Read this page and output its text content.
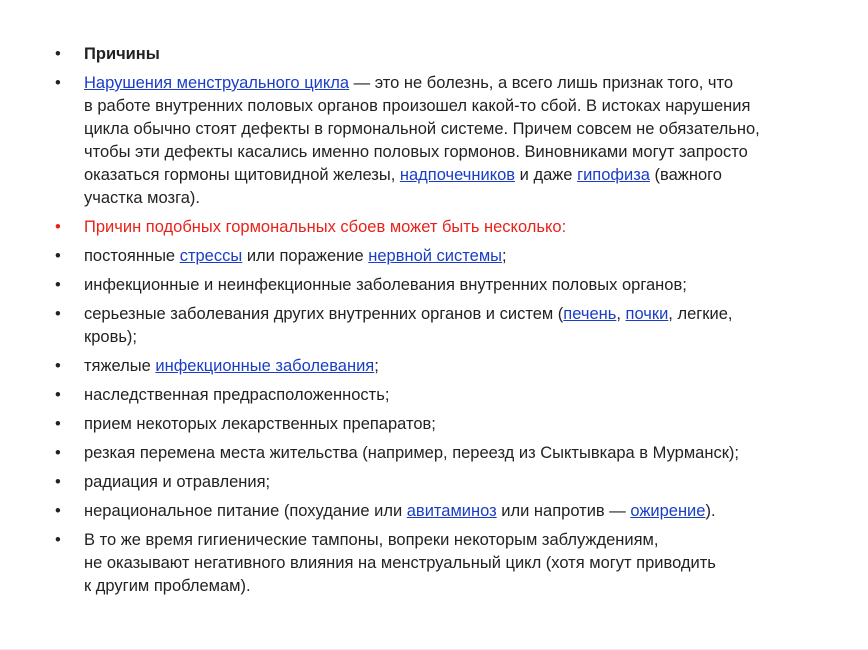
•	Причины
•	Нарушения менструального цикла — это не болезнь, а всего лишь признак того, что
в работе внутренних половых органов произошел какой-то сбой. В истоках нарушения
цикла обычно стоят дефекты в гормональной системе. Причем совсем не обязательно,
чтобы эти дефекты касались именно половых гормонов. Виновниками могут запросто
оказаться гормоны щитовидной железы, надпочечников и даже гипофиза (важного
участка мозга).
•	Причин подобных гормональных сбоев может быть несколько:
•	постоянные стрессы или поражение нервной системы;
•	инфекционные и неинфекционные заболевания внутренних половых органов;
•	серьезные заболевания других внутренних органов и систем (печень, почки, легкие,
кровь);
•	тяжелые инфекционные заболевания;
•	наследственная предрасположенность;
•	прием некоторых лекарственных препаратов;
•	резкая перемена места жительства (например, переезд из Сыктывкара в Мурманск);
•	радиация и отравления;
•	нерациональное питание (похудание или авитаминоз или напротив — ожирение).
•	В то же время гигиенические тампоны, вопреки некоторым заблуждениям,
не оказывают негативного влияния на менструальный цикл (хотя могут приводить
к другим проблемам).
